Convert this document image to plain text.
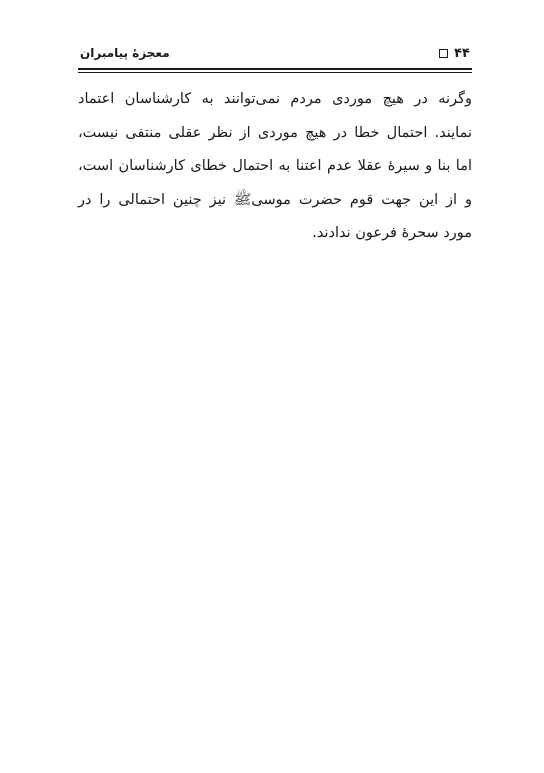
۴۴
معجزۀ پیامبران
وگرنه در هیچ موردی مردم نمی‌توانند به کارشناسان اعتماد
نمایند. احتمال خطا در هیچ موردی از نظر عقلی منتفی نیست،
اما بنا و سیرۀ عقلا عدم اعتنا به احتمال خطای کارشناسان است،
و از این جهت قوم حضرت موسی‌ﷺ نیز چنین احتمالی را در
مورد سحرۀ فرعون ندادند.
